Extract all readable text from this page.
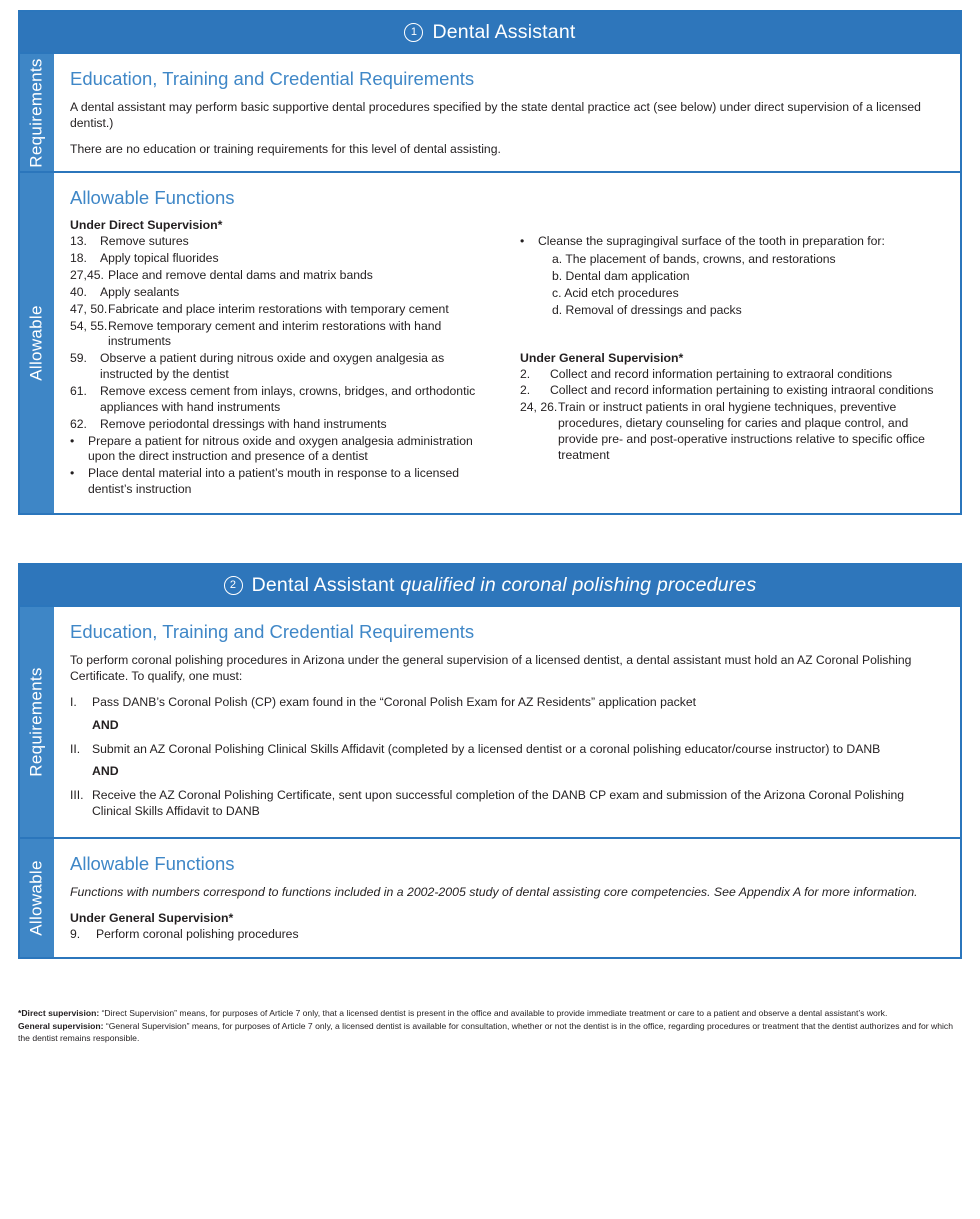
1 Dental Assistant
Requirements Education, Training and Credential Requirements

A dental assistant may perform basic supportive dental procedures specified by the state dental practice act (see below) under direct supervision of a licensed dentist.)

There are no education or training requirements for this level of dental assisting.

Allowable
Allowable Functions
Under Direct Supervision*
13.	Remove sutures
18.	Apply topical fluorides
27,45. Place and remove dental dams and matrix bands
40.	Apply sealants
47, 50. Fabricate and place interim restorations with temporary cement
54, 55. Remove temporary cement and interim restorations with hand instruments
59.	Observe a patient during nitrous oxide and oxygen analgesia as instructed by the dentist
61.	Remove excess cement from inlays, crowns, bridges, and orthodontic appliances with hand instruments
62.	Remove periodontal dressings with hand instruments
•	Prepare a patient for nitrous oxide and oxygen analgesia administration upon the direct instruction and presence of a dentist
•	Place dental material into a patient’s mouth in response to a licensed dentist’s instruction
•	Cleanse the supragingival surface of the tooth in preparation for:
a. The placement of bands, crowns, and restorations
b. Dental dam application
c. Acid etch procedures
d. Removal of dressings and packs
Under General Supervision*
2.	Collect and record information pertaining to extraoral conditions
2.	Collect and record information pertaining to existing intraoral conditions
24, 26. Train or instruct patients in oral hygiene techniques, preventive procedures, dietary counseling for caries and plaque control, and provide pre- and post-operative instructions relative to specific office treatment
2 Dental Assistant qualified in coronal polishing procedures
Requirements
Education, Training and Credential Requirements

To perform coronal polishing procedures in Arizona under the general supervision of a licensed dentist, a dental assistant must hold an AZ Coronal Polishing Certificate. To qualify, one must:

I.	Pass DANB’s Coronal Polish (CP) exam found in the “Coronal Polish Exam for AZ Residents” application packet
AND
II. Submit an AZ Coronal Polishing Clinical Skills Affidavit (completed by a licensed dentist or a coronal polishing educator/course instructor) to DANB
AND
III. Receive the AZ Coronal Polishing Certificate, sent upon successful completion of the DANB CP exam and submission of the Arizona Coronal Polishing Clinical Skills Affidavit to DANB
Allowable Allowable Functions

Functions with numbers correspond to functions included in a 2002-2005 study of dental assisting core competencies. See Appendix A for more information.

Under General Supervision*
9.	Perform coronal polishing procedures

*Direct supervision: “Direct Supervision” means, for purposes of Article 7 only, that a licensed dentist is present in the office and available to provide immediate treatment or care to a patient and observe a dental assistant’s work.

General supervision: “General Supervision” means, for purposes of Article 7 only, a licensed dentist is available for consultation, whether or not the dentist is in the office, regarding procedures or treatment that the dentist authorizes and for which the dentist remains responsible.
